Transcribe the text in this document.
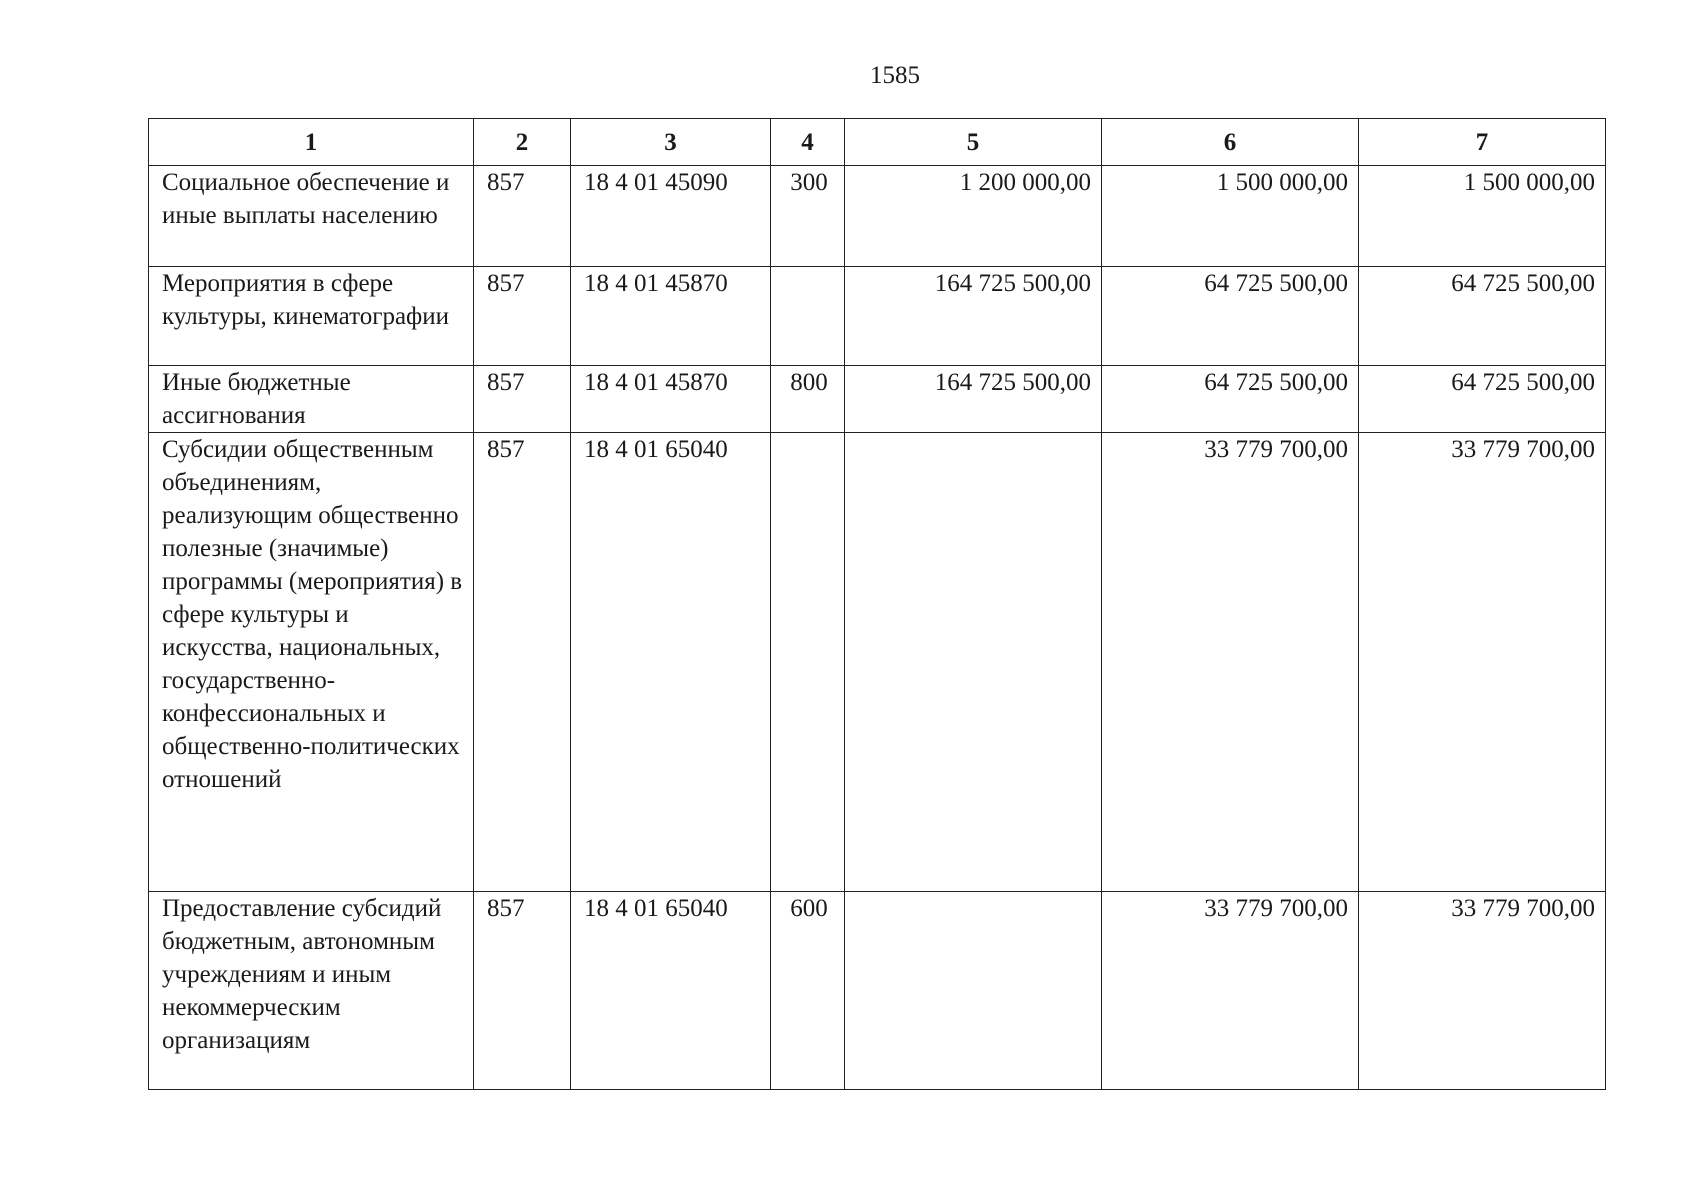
1585
1	2	3	4	5	6	7
Социальное обеспечение и иные выплаты населению	857	18 4 01 45090	300	1 200 000,00	1 500 000,00	1 500 000,00
Мероприятия в сфере культуры, кинематографии	857	18 4 01 45870		164 725 500,00	64 725 500,00	64 725 500,00
Иные бюджетные ассигнования	857	18 4 01 45870	800	164 725 500,00	64 725 500,00	64 725 500,00
Субсидии общественным объединениям, реализующим общественно полезные (значимые) программы (мероприятия) в сфере культуры и искусства, национальных, государственно-конфессиональных и общественно-политических отношений	857	18 4 01 65040			33 779 700,00	33 779 700,00
Предоставление субсидий бюджетным, автономным учреждениям и иным некоммерческим организациям	857	18 4 01 65040	600		33 779 700,00	33 779 700,00
